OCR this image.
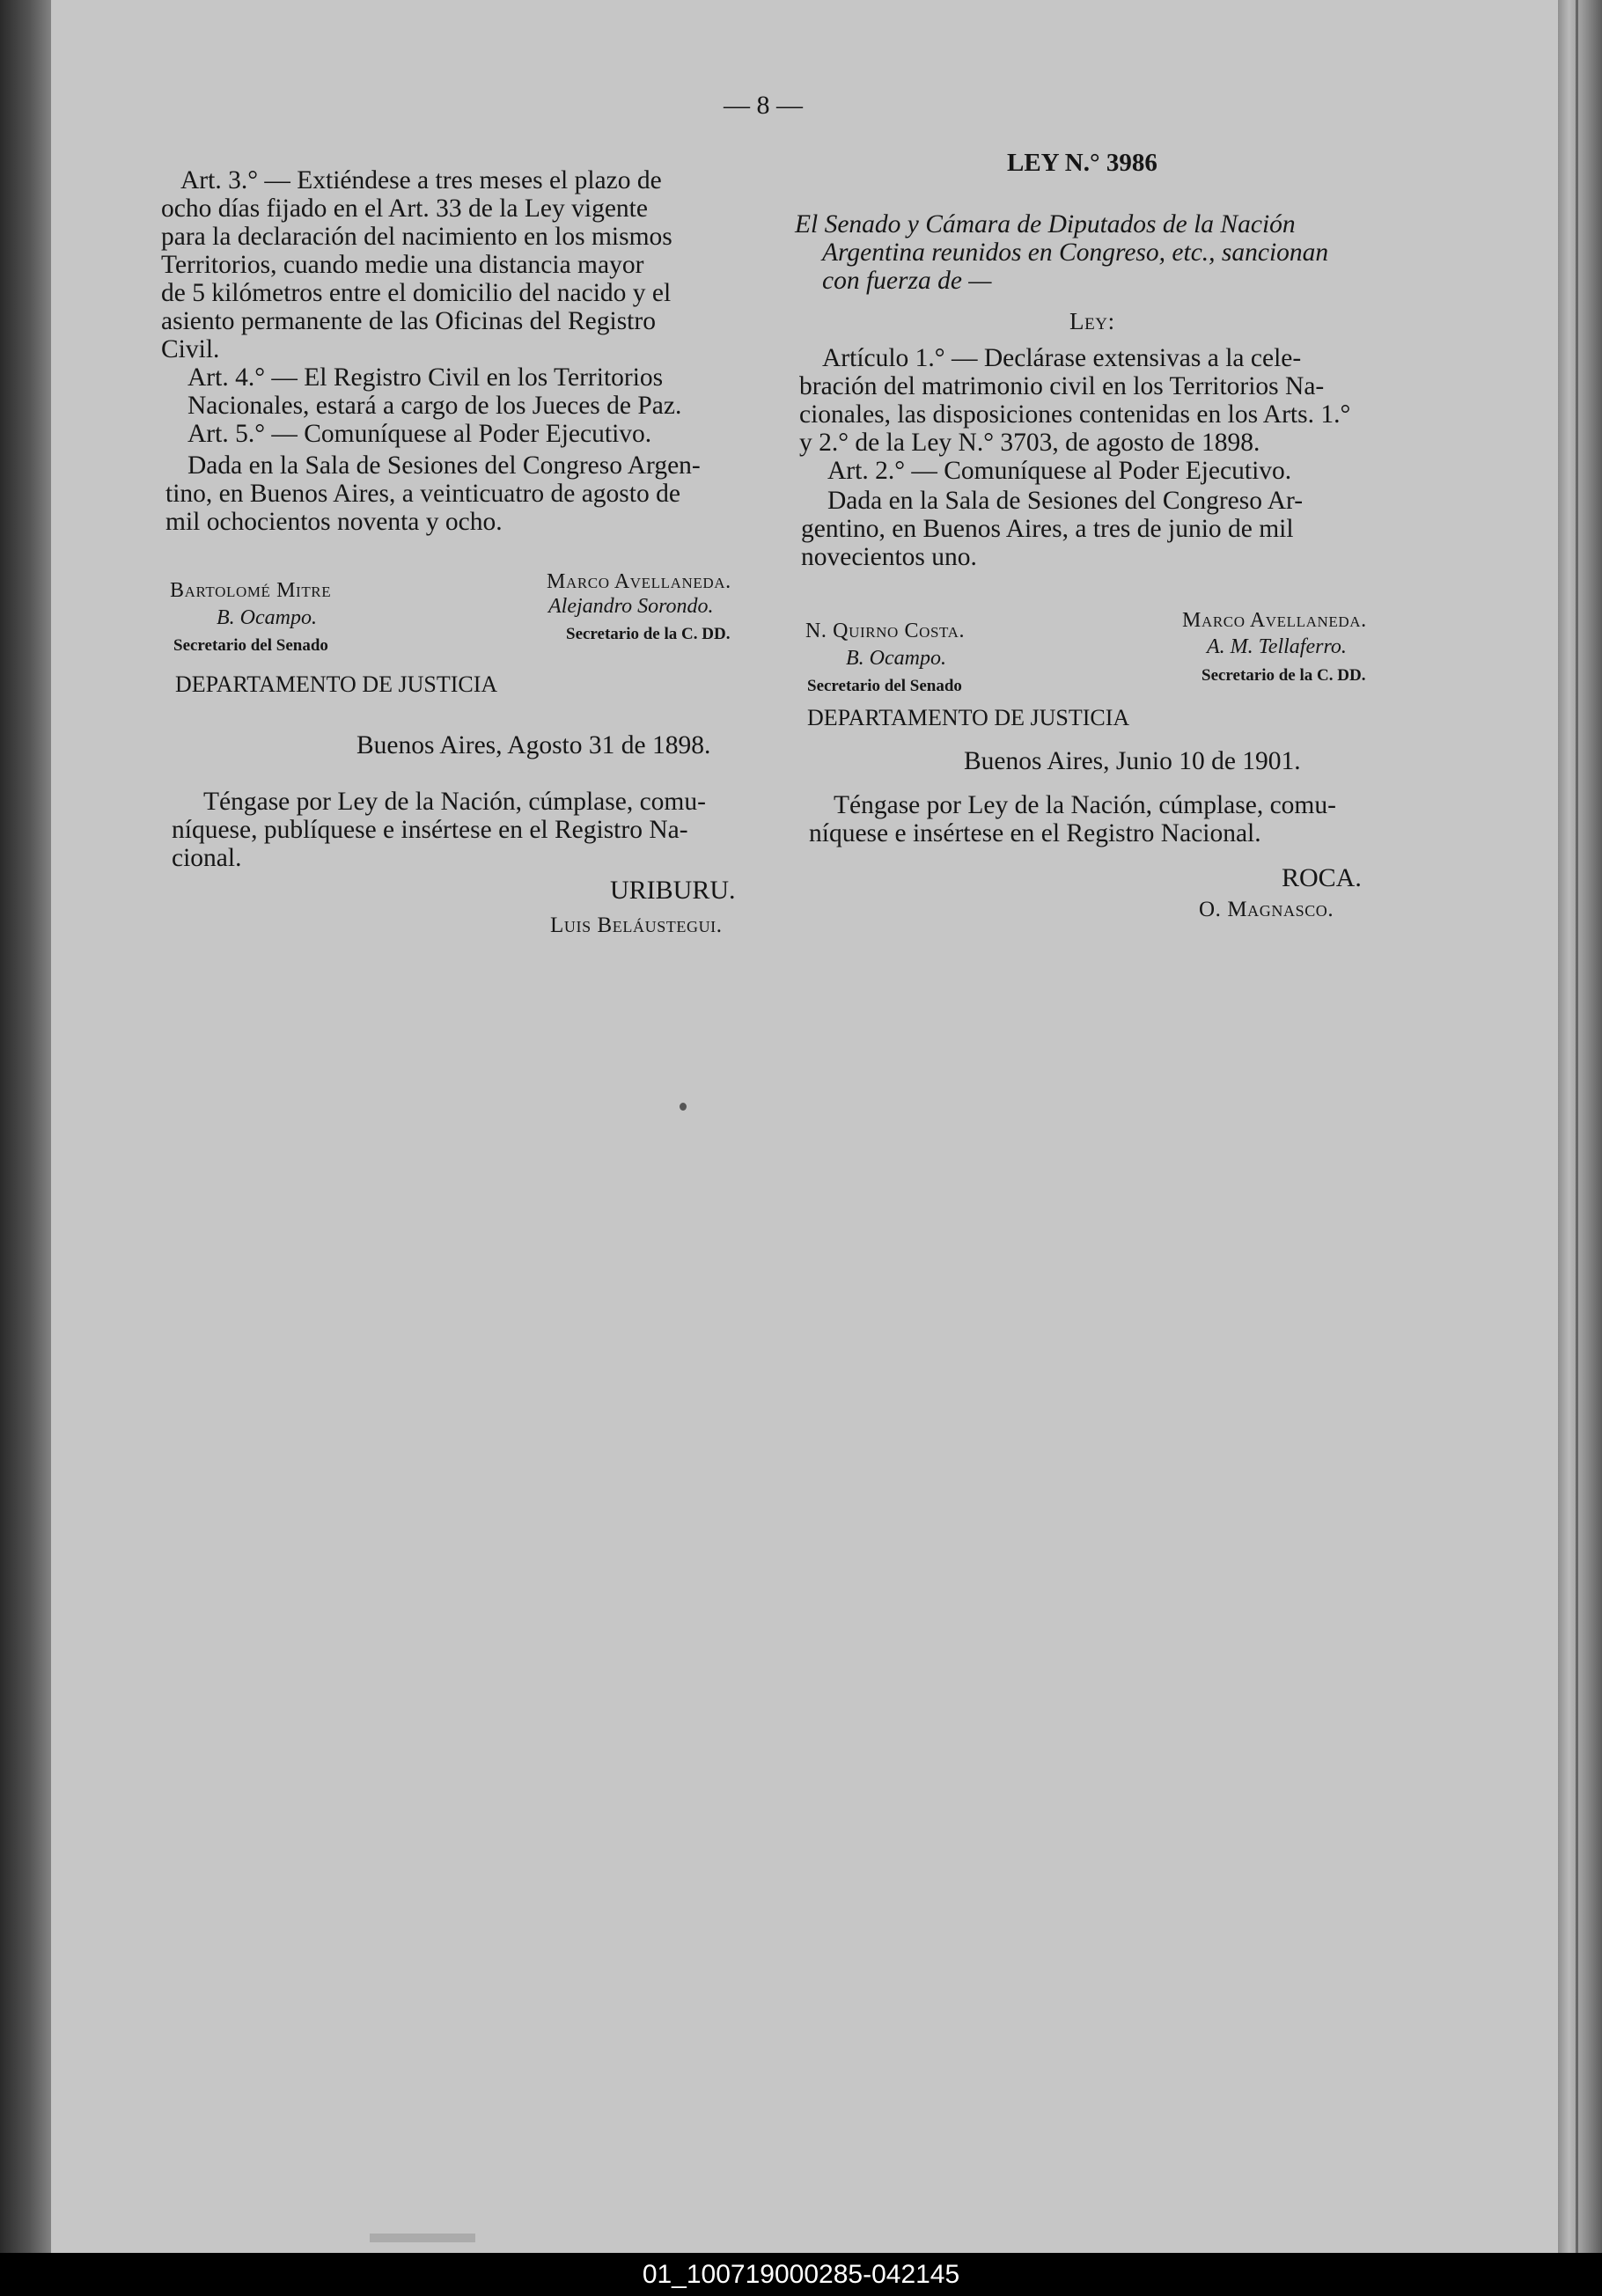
— 8 —
Art. 3.° — Extiéndese a tres meses el plazo de
ocho días fijado en el Art. 33 de la Ley vigente
para la declaración del nacimiento en los mismos
Territorios, cuando medie una distancia mayor
de 5 kilómetros entre el domicilio del nacido y el
asiento permanente de las Oficinas del Registro
Civil.
Art. 4.° — El Registro Civil en los Territorios
Nacionales, estará a cargo de los Jueces de Paz.
Art. 5.° — Comuníquese al Poder Ejecutivo.
Dada en la Sala de Sesiones del Congreso Argen-
tino, en Buenos Aires, a veinticuatro de agosto de
mil ochocientos noventa y ocho.
Bartolomé Mitre
B. Ocampo.
Secretario del Senado
Marco Avellaneda.
Alejandro Sorondo.
Secretario de la C. DD.
DEPARTAMENTO DE JUSTICIA
Buenos Aires, Agosto 31 de 1898.
Téngase por Ley de la Nación, cúmplase, comu-
níquese, publíquese e insértese en el Registro Na-
cional.
URIBURU.
Luis Beláustegui.
LEY N.° 3986
El Senado y Cámara de Diputados de la Nación
Argentina reunidos en Congreso, etc., sancionan
con fuerza de —
Ley:
Artículo 1.° — Declárase extensivas a la cele-
bración del matrimonio civil en los Territorios Na-
cionales, las disposiciones contenidas en los Arts. 1.°
y 2.° de la Ley N.° 3703, de agosto de 1898.
Art. 2.° — Comuníquese al Poder Ejecutivo.
Dada en la Sala de Sesiones del Congreso Ar-
gentino, en Buenos Aires, a tres de junio de mil
novecientos uno.
N. Quirno Costa.
B. Ocampo.
Secretario del Senado
Marco Avellaneda.
A. M. Tellaferro.
Secretario de la C. DD.
DEPARTAMENTO DE JUSTICIA
Buenos Aires, Junio 10 de 1901.
Téngase por Ley de la Nación, cúmplase, comu-
níquese e insértese en el Registro Nacional.
ROCA.
O. Magnasco.
01_100719000285-042145
